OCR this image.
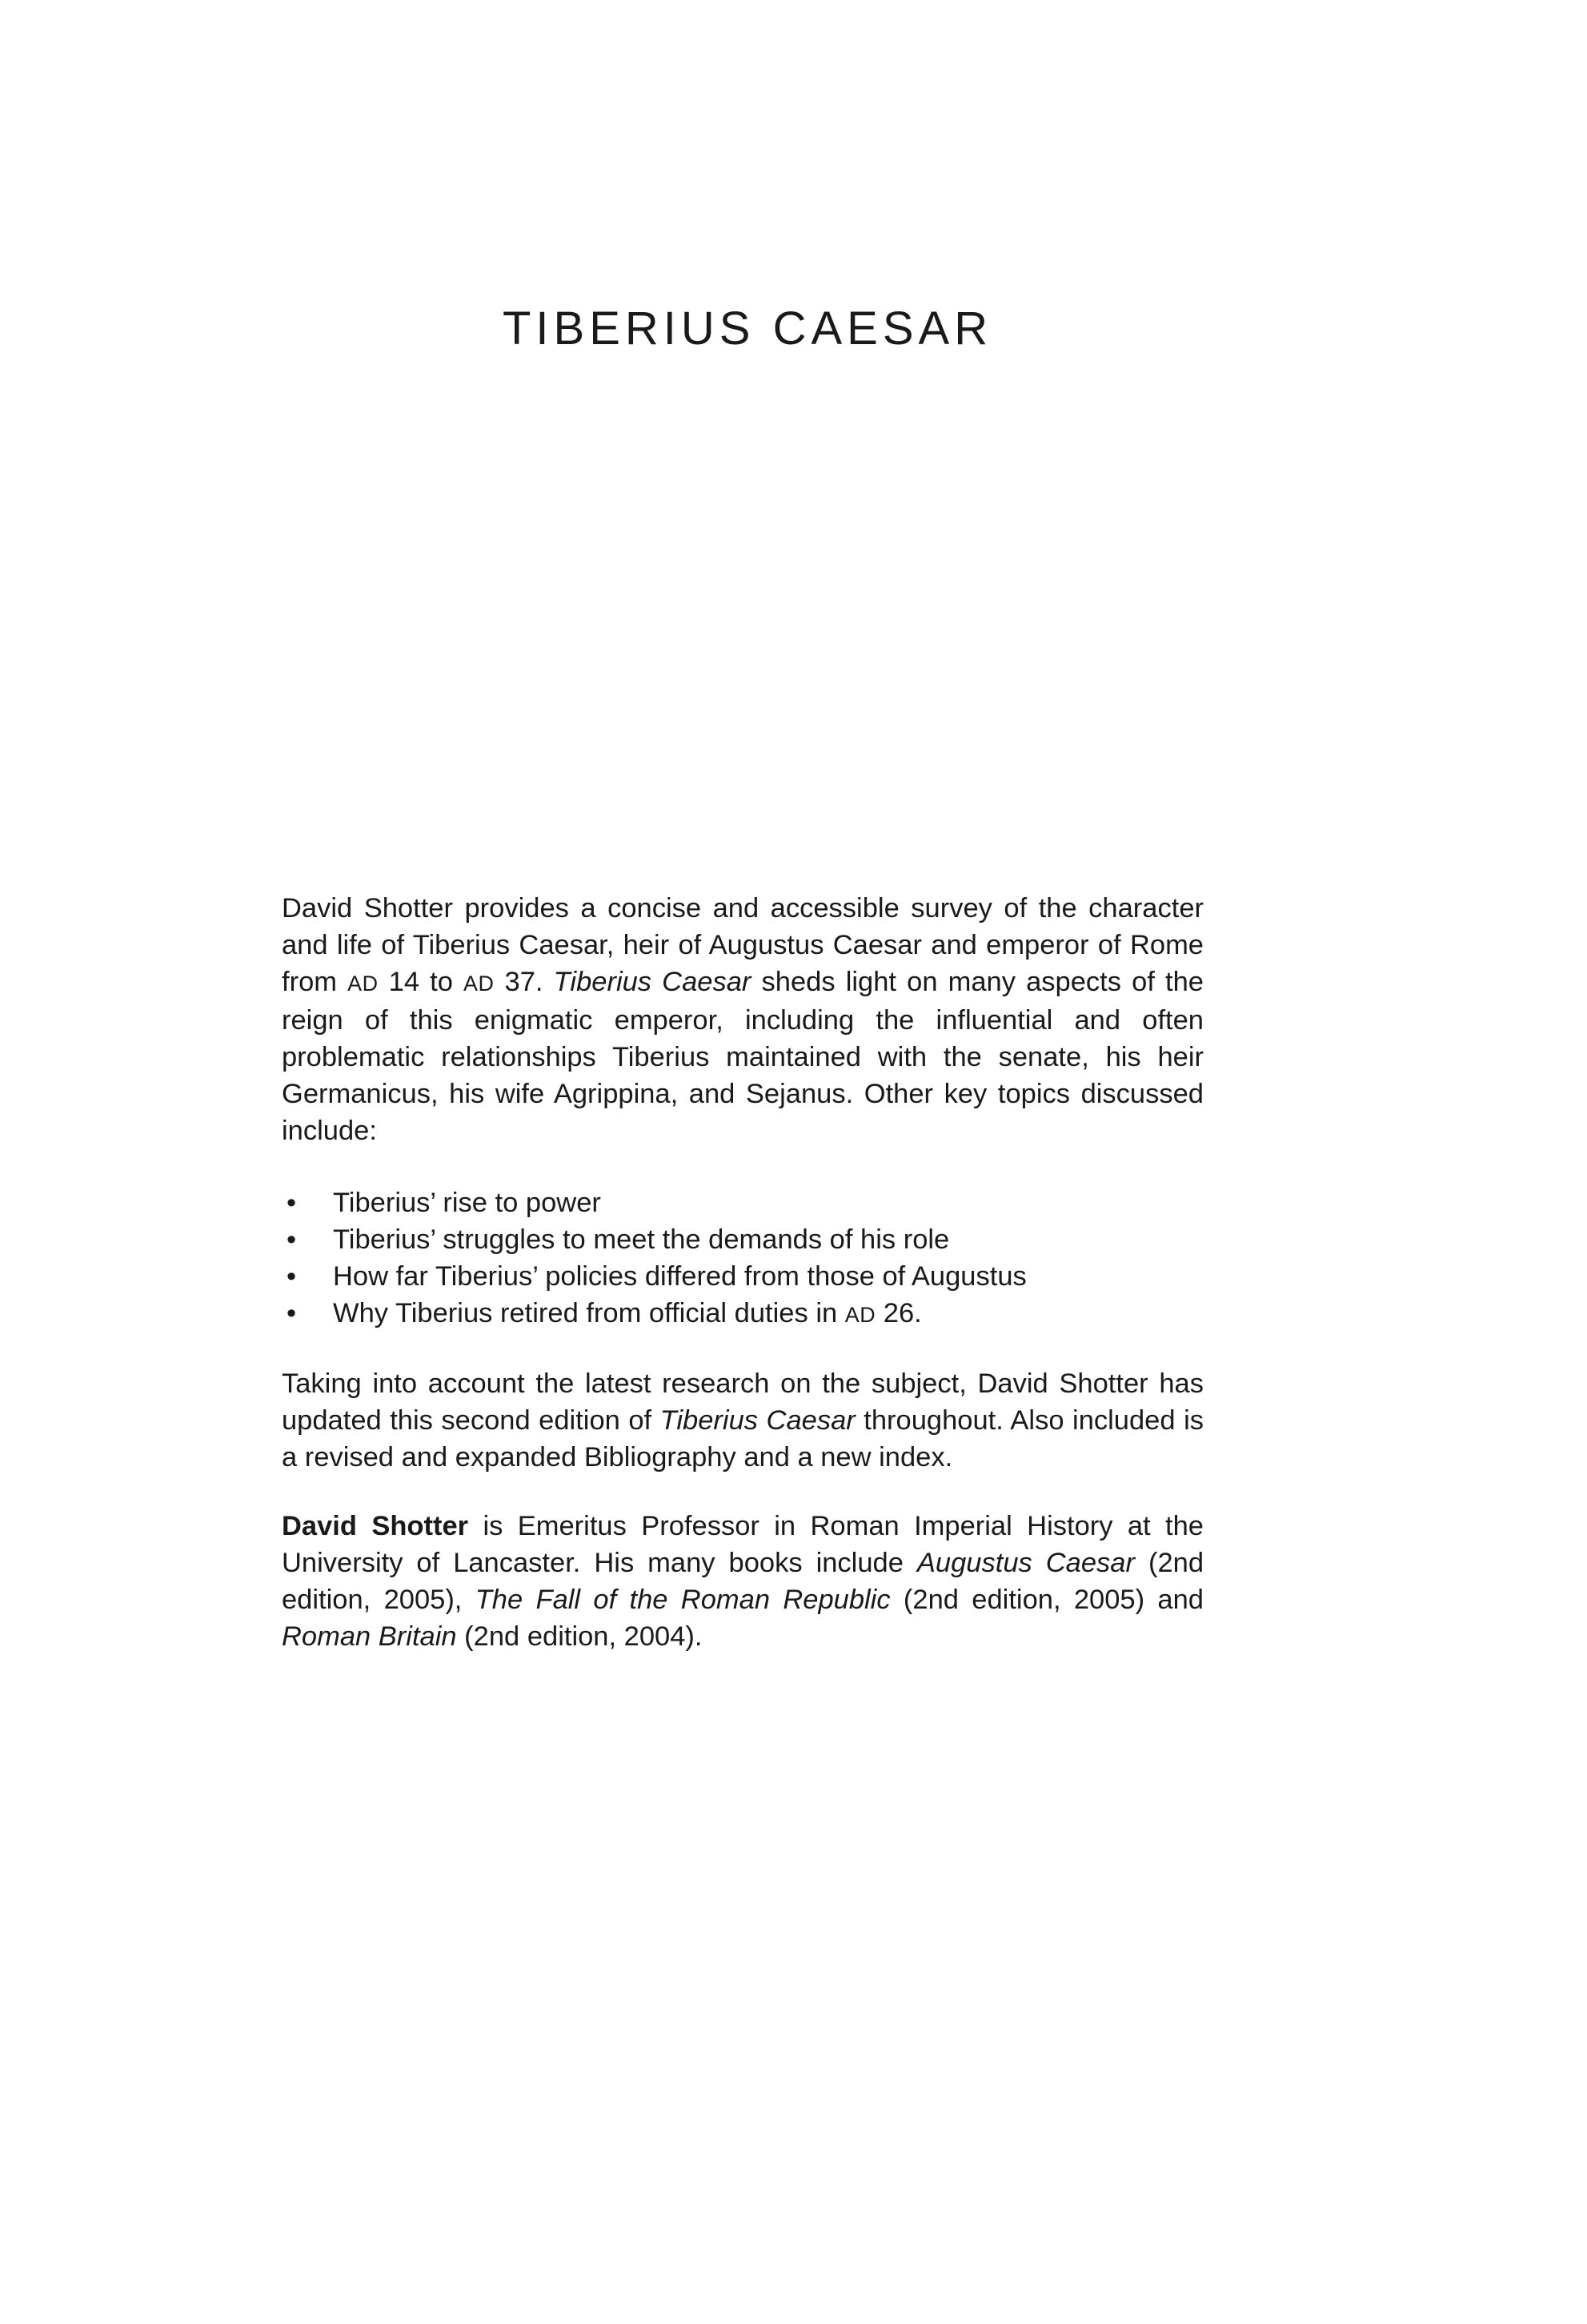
TIBERIUS CAESAR

David Shotter provides a concise and accessible survey of the character and life of Tiberius Caesar, heir of Augustus Caesar and emperor of Rome from AD 14 to AD 37. Tiberius Caesar sheds light on many aspects of the reign of this enigmatic emperor, including the influential and often problematic relationships Tiberius maintained with the senate, his heir Germanicus, his wife Agrippina, and Sejanus. Other key topics discussed include:

• Tiberius’ rise to power
• Tiberius’ struggles to meet the demands of his role
• How far Tiberius’ policies differed from those of Augustus
• Why Tiberius retired from official duties in AD 26.

Taking into account the latest research on the subject, David Shotter has updated this second edition of Tiberius Caesar throughout. Also included is a revised and expanded Bibliography and a new index.

David Shotter is Emeritus Professor in Roman Imperial History at the University of Lancaster. His many books include Augustus Caesar (2nd edition, 2005), The Fall of the Roman Republic (2nd edition, 2005) and Roman Britain (2nd edition, 2004).
